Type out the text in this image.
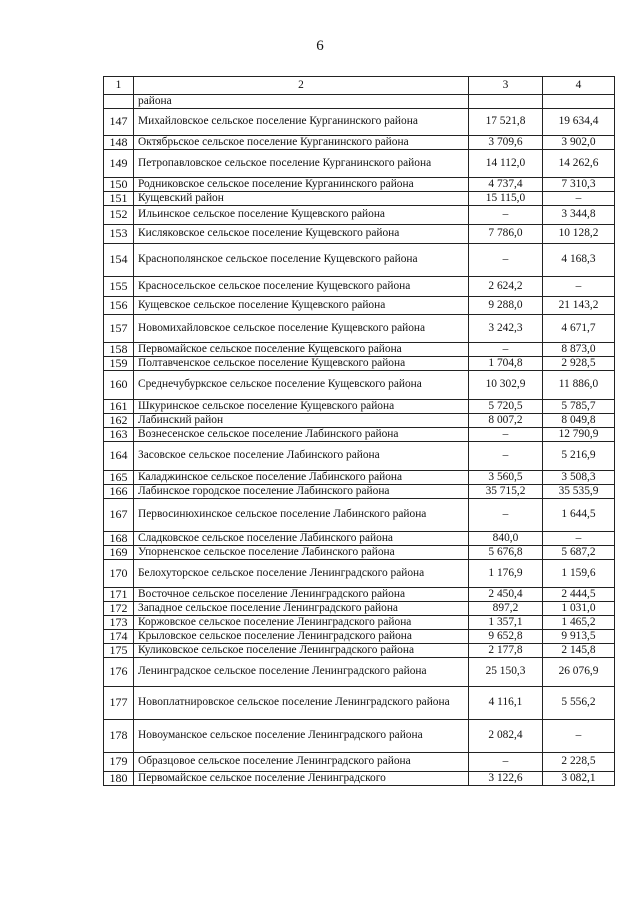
6
1	2	3	4
	района		
147	Михайловское сельское поселение Курганинского района	17 521,8	19 634,4
148	Октябрьское сельское поселение Курганинского района	3 709,6	3 902,0
149	Петропавловское сельское поселение Курганинского района	14 112,0	14 262,6
150	Родниковское сельское поселение Курганинского района	4 737,4	7 310,3
151	Кущевский район	15 115,0	–
152	Ильинское сельское поселение Кущевского района	–	3 344,8
153	Кисляковское сельское поселение Кущевского района	7 786,0	10 128,2
154	Краснополянское сельское поселение Кущевского района	–	4 168,3
155	Красносельское сельское поселение Кущевского района	2 624,2	–
156	Кущевское сельское поселение Кущевского района	9 288,0	21 143,2
157	Новомихайловское сельское поселение Кущевского района	3 242,3	4 671,7
158	Первомайское сельское поселение Кущевского района	–	8 873,0
159	Полтавченское сельское поселение Кущевского района	1 704,8	2 928,5
160	Среднечубуркское сельское поселение Кущевского района	10 302,9	11 886,0
161	Шкуринское сельское поселение Кущевского района	5 720,5	5 785,7
162	Лабинский район	8 007,2	8 049,8
163	Вознесенское сельское поселение Лабинского района	–	12 790,9
164	Засовское сельское поселение Лабинского района	–	5 216,9
165	Каладжинское сельское поселение Лабинского района	3 560,5	3 508,3
166	Лабинское городское поселение Лабинского района	35 715,2	35 535,9
167	Первосинюхинское сельское поселение Лабинского района	–	1 644,5
168	Сладковское сельское поселение Лабинского района	840,0	–
169	Упорненское сельское поселение Лабинского района	5 676,8	5 687,2
170	Белохуторское сельское поселение Ленинградского района	1 176,9	1 159,6
171	Восточное сельское поселение Ленинградского района	2 450,4	2 444,5
172	Западное сельское поселение Ленинградского района	897,2	1 031,0
173	Коржовское сельское поселение Ленинградского района	1 357,1	1 465,2
174	Крыловское сельское поселение Ленинградского района	9 652,8	9 913,5
175	Куликовское сельское поселение Ленинградского района	2 177,8	2 145,8
176	Ленинградское сельское поселение Ленинградского района	25 150,3	26 076,9
177	Новоплатнировское сельское поселение Ленинградского района	4 116,1	5 556,2
178	Новоуманское сельское поселение Ленинградского района	2 082,4	–
179	Образцовое сельское поселение Ленинградского района	–	2 228,5
180	Первомайское сельское поселение Ленинградского	3 122,6	3 082,1
